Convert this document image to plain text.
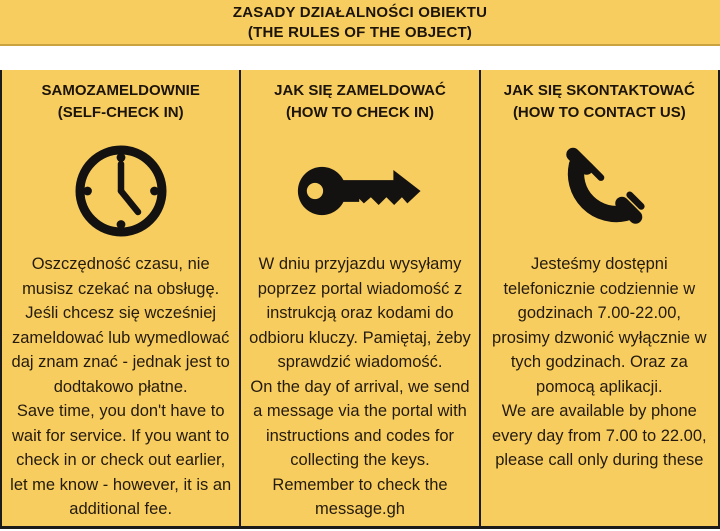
ZASADY DZIAŁALNOŚCI OBIEKTU
(THE RULES OF THE OBJECT)
SAMOZAMELDOWNIE
(SELF-CHECK IN)

Oszczędność czasu, nie musisz czekać na obsługę. Jeśli chcesz się wcześniej zameldować lub wymedlować daj znam znać - jednak jest to dodtakowo płatne.

Save time, you don't have to wait for service. If you want to check in or check out earlier, let me know - however, it is an additional fee.

JAK SIĘ ZAMELDOWAĆ
(HOW TO CHECK IN)

W dniu przyjazdu wysyłamy poprzez portal wiadomość z instrukcją oraz kodami do odbioru kluczy. Pamiętaj, żeby sprawdzić wiadomość.

On the day of arrival, we send a message via the portal with instructions and codes for collecting the keys. Remember to check the message.gh

JAK SIĘ SKONTAKTOWAĆ
(HOW TO CONTACT US)

Jesteśmy dostępni telefonicznie codziennie w godzinach 7.00-22.00, prosimy dzwonić wyłącznie w tych godzinach. Oraz za pomocą aplikacji.

We are available by phone every day from 7.00 to 22.00, please call only during these
